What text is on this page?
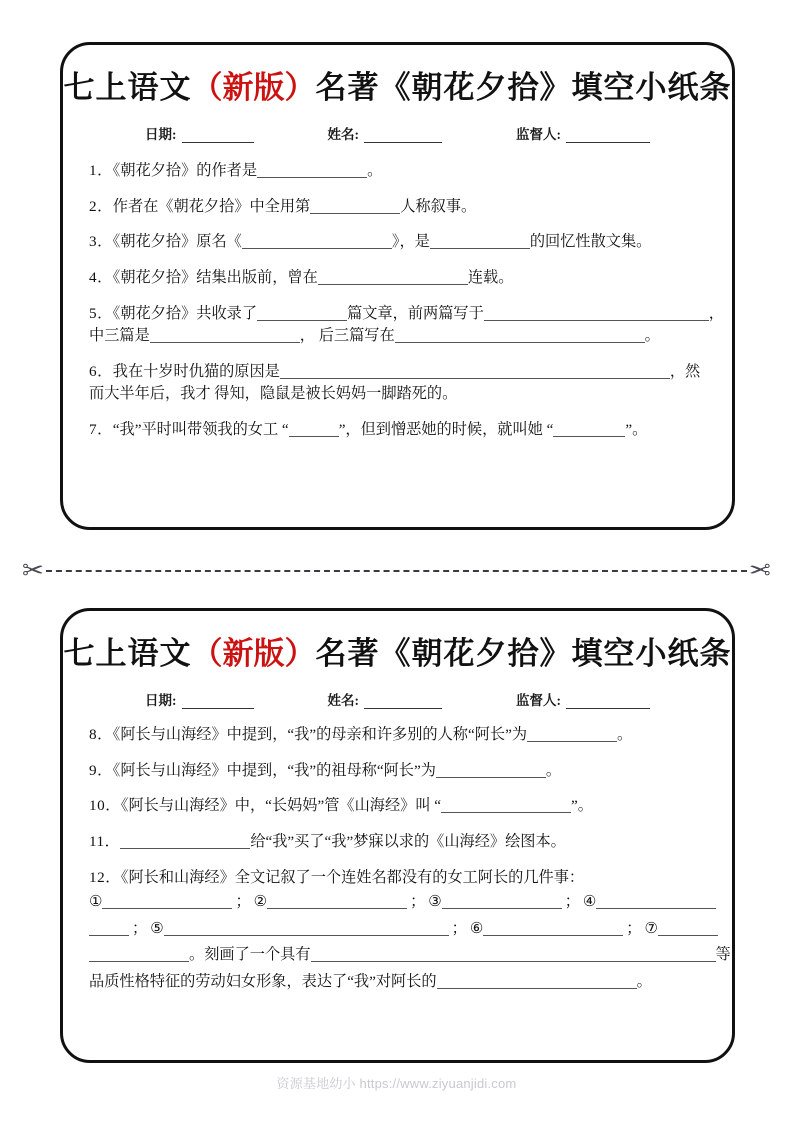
七上语文（新版）名著《朝花夕拾》填空小纸条
日期:	姓名:	监督人:
1．《朝花夕拾》的作者是	。
2．作者在《朝花夕拾》中全用第	人称叙事。
3．《朝花夕拾》原名《	》，是	的回忆性散文集。
4．《朝花夕拾》结集出版前，曾在	连载。
5．《朝花夕拾》共收录了	篇文章，前两篇写于	，
中三篇是	， 后三篇写在	。
6．我在十岁时仇猫的原因是	，然
而大半年后，我才 得知，隐鼠是被长妈妈一脚踏死的。
7．“我”平时叫带领我的女工 “	”，但到憎恶她的时候，就叫她 “	”。
✂	✂
七上语文（新版）名著《朝花夕拾》填空小纸条
日期:	姓名:	监督人:
8．《阿长与山海经》中提到，“我”的母亲和许多别的人称“阿长”为	。
9．《阿长与山海经》中提到，“我”的祖母称“阿长”为	。
10．《阿长与山海经》中，“长妈妈”管《山海经》叫 “	”。
11．	给“我”买了“我”梦寐以求的《山海经》绘图本。
12．《阿长和山海经》全文记叙了一个连姓名都没有的女工阿长的几件事：
①	； ②	； ③	； ④
； ⑤	； ⑥	； ⑦
。刻画了一个具有	等
品质性格特征的劳动妇女形象，表达了“我”对阿长的	。
资源基地幼小 https://www.ziyuanjidi.com
